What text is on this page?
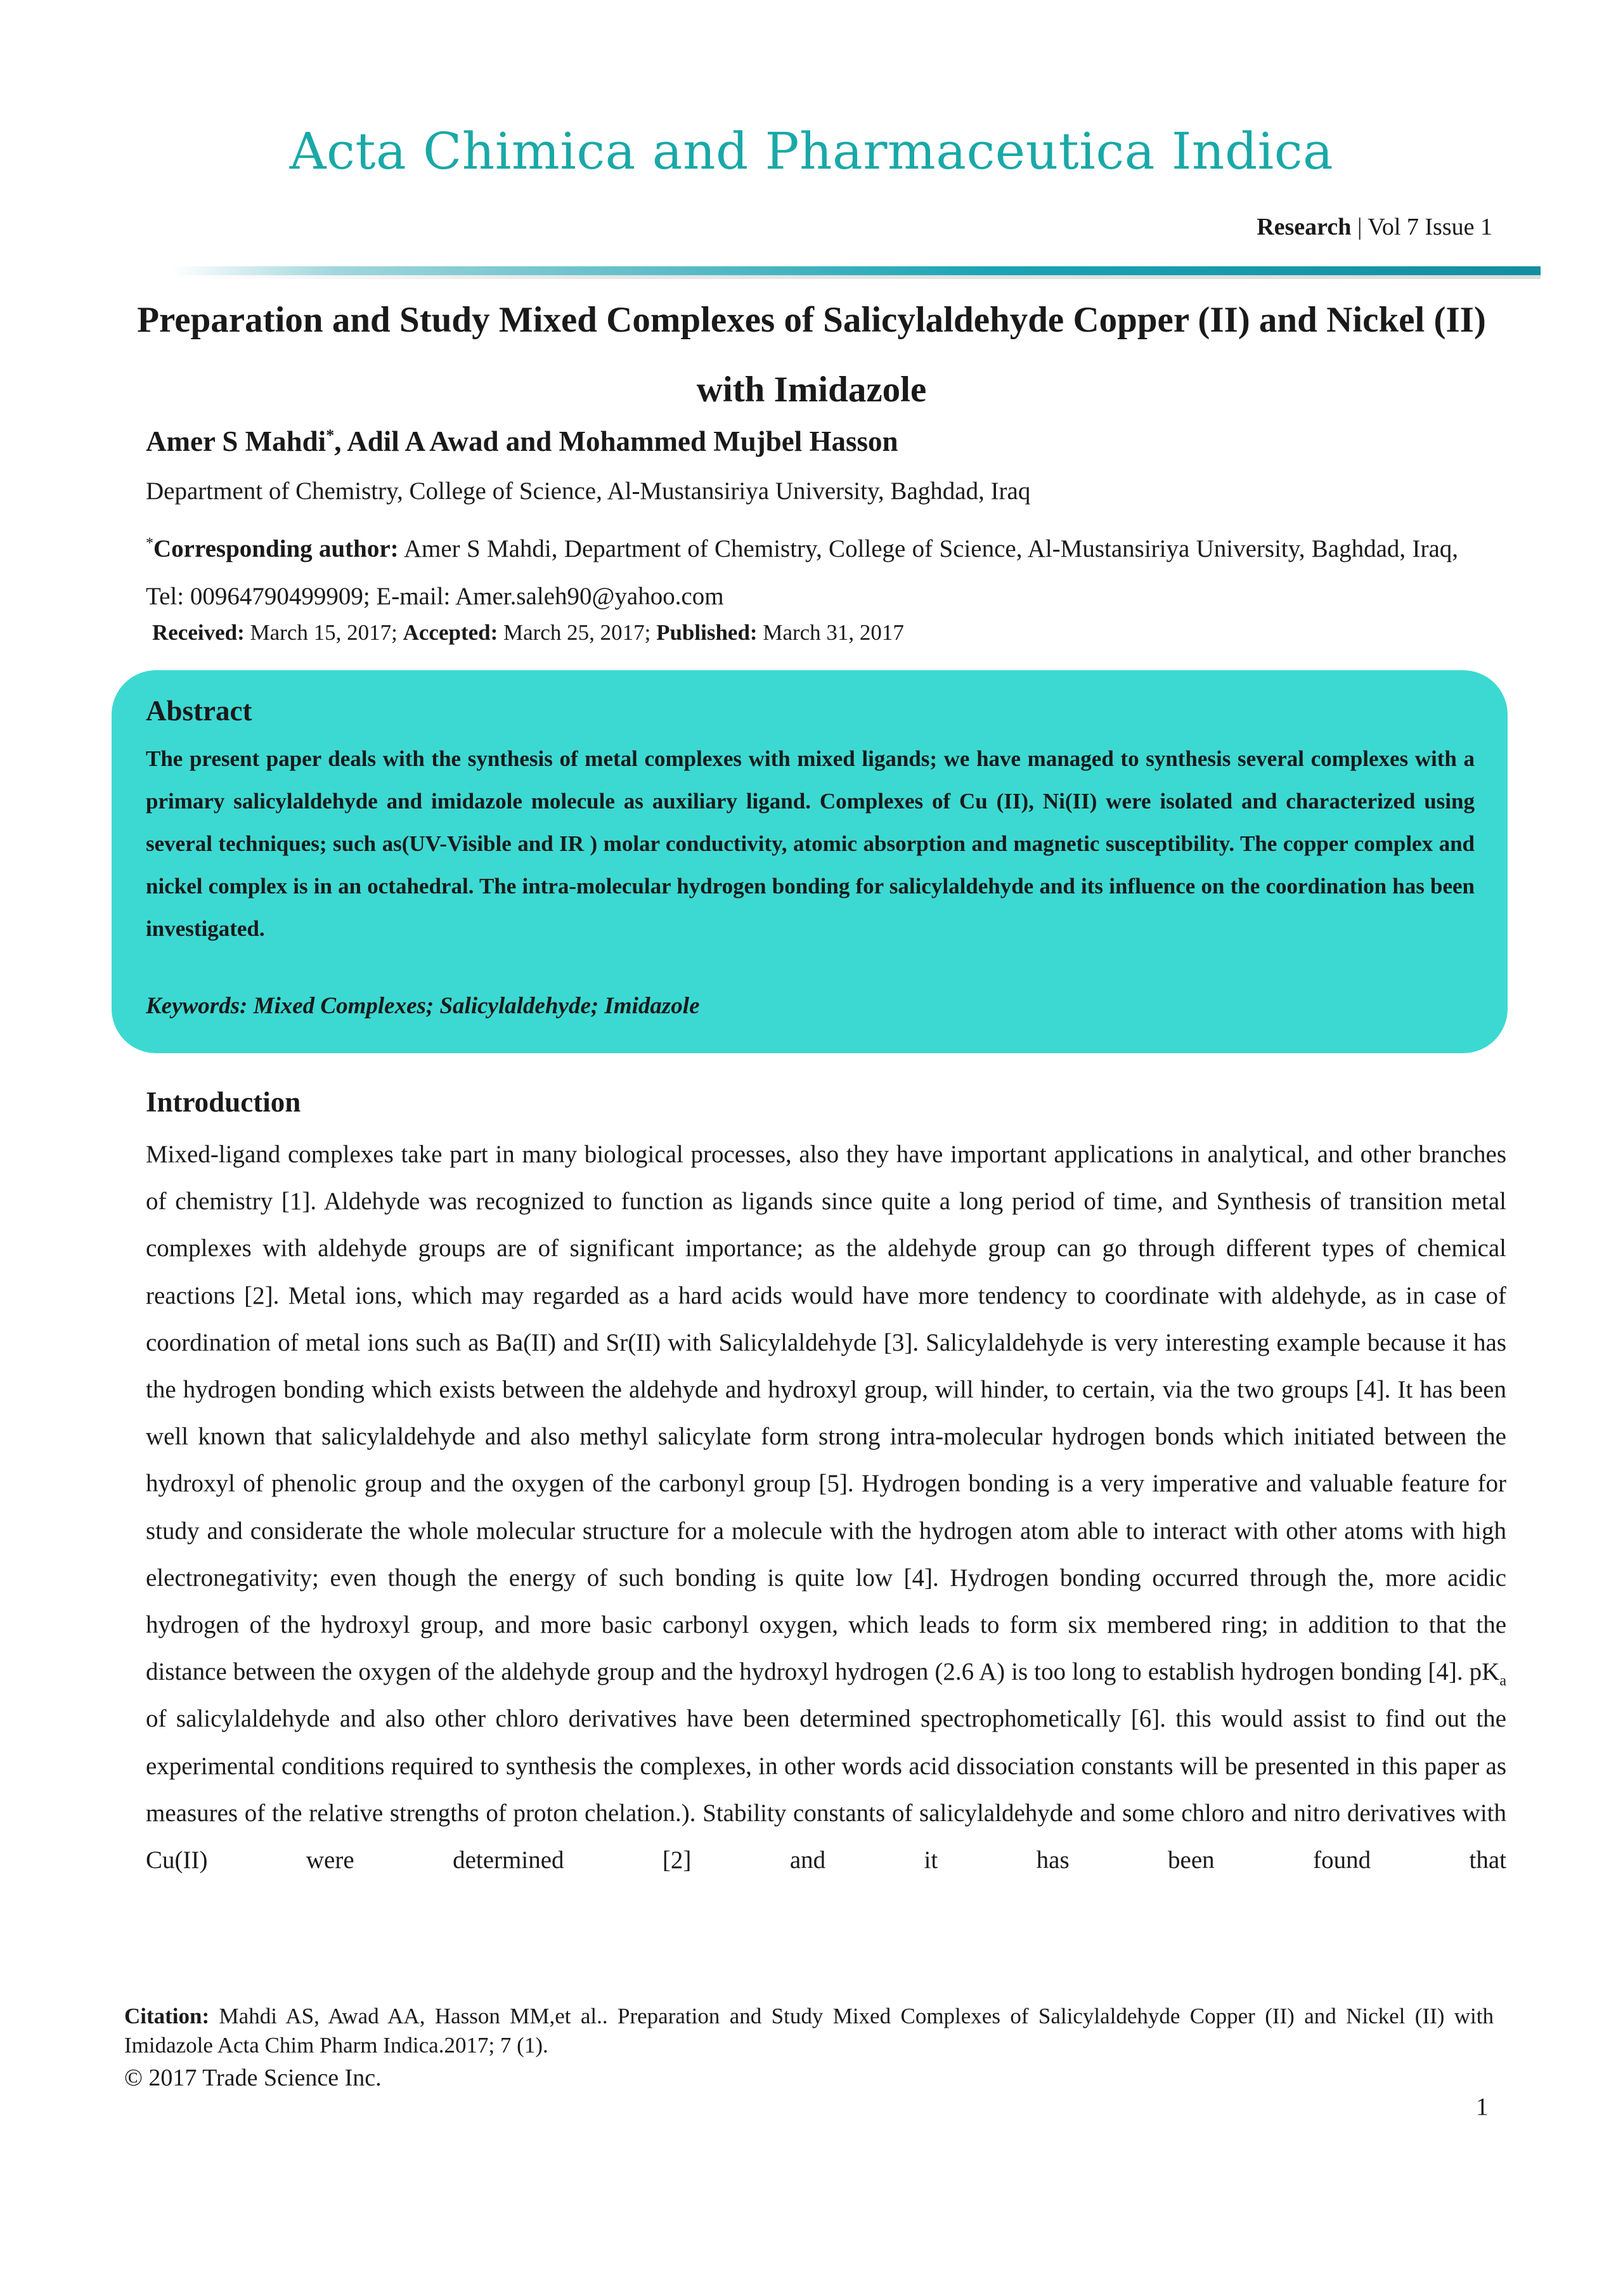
Acta Chimica and Pharmaceutica Indica
Research | Vol 7 Issue 1
Preparation and Study Mixed Complexes of Salicylaldehyde Copper (II) and Nickel (II) with Imidazole
Amer S Mahdi*, Adil A Awad and Mohammed Mujbel Hasson
Department of Chemistry, College of Science, Al-Mustansiriya University, Baghdad, Iraq
*Corresponding author: Amer S Mahdi, Department of Chemistry, College of Science, Al-Mustansiriya University, Baghdad, Iraq, Tel: 00964790499909; E-mail: Amer.saleh90@yahoo.com
Received: March 15, 2017; Accepted: March 25, 2017; Published: March 31, 2017
Abstract
The present paper deals with the synthesis of metal complexes with mixed ligands; we have managed to synthesis several complexes with a primary salicylaldehyde and imidazole molecule as auxiliary ligand. Complexes of Cu (II), Ni(II) were isolated and characterized using several techniques; such as(UV-Visible and IR ) molar conductivity, atomic absorption and magnetic susceptibility. The copper complex and nickel complex is in an octahedral. The intra-molecular hydrogen bonding for salicylaldehyde and its influence on the coordination has been investigated.
Keywords: Mixed Complexes; Salicylaldehyde; Imidazole
Introduction
Mixed-ligand complexes take part in many biological processes, also they have important applications in analytical, and other branches of chemistry [1]. Aldehyde was recognized to function as ligands since quite a long period of time, and Synthesis of transition metal complexes with aldehyde groups are of significant importance; as the aldehyde group can go through different types of chemical reactions [2]. Metal ions, which may regarded as a hard acids would have more tendency to coordinate with aldehyde, as in case of coordination of metal ions such as Ba(II) and Sr(II) with Salicylaldehyde [3]. Salicylaldehyde is very interesting example because it has the hydrogen bonding which exists between the aldehyde and hydroxyl group, will hinder, to certain, via the two groups [4]. It has been well known that salicylaldehyde and also methyl salicylate form strong intra-molecular hydrogen bonds which initiated between the hydroxyl of phenolic group and the oxygen of the carbonyl group [5]. Hydrogen bonding is a very imperative and valuable feature for study and considerate the whole molecular structure for a molecule with the hydrogen atom able to interact with other atoms with high electronegativity; even though the energy of such bonding is quite low [4]. Hydrogen bonding occurred through the, more acidic hydrogen of the hydroxyl group, and more basic carbonyl oxygen, which leads to form six membered ring; in addition to that the distance between the oxygen of the aldehyde group and the hydroxyl hydrogen (2.6 A) is too long to establish hydrogen bonding [4]. $pK_a$ of salicylaldehyde and also other chloro derivatives have been determined spectrophometically [6]. this would assist to find out the experimental conditions required to synthesis the complexes, in other words acid dissociation constants will be presented in this paper as measures of the relative strengths of proton chelation.). Stability constants of salicylaldehyde and some chloro and nitro derivatives with Cu(II) were determined [2] and it has been found that
Citation: Mahdi AS, Awad AA, Hasson MM,et al.. Preparation and Study Mixed Complexes of Salicylaldehyde Copper (II) and Nickel (II) with Imidazole Acta Chim Pharm Indica.2017; 7 (1).
© 2017 Trade Science Inc.
1
